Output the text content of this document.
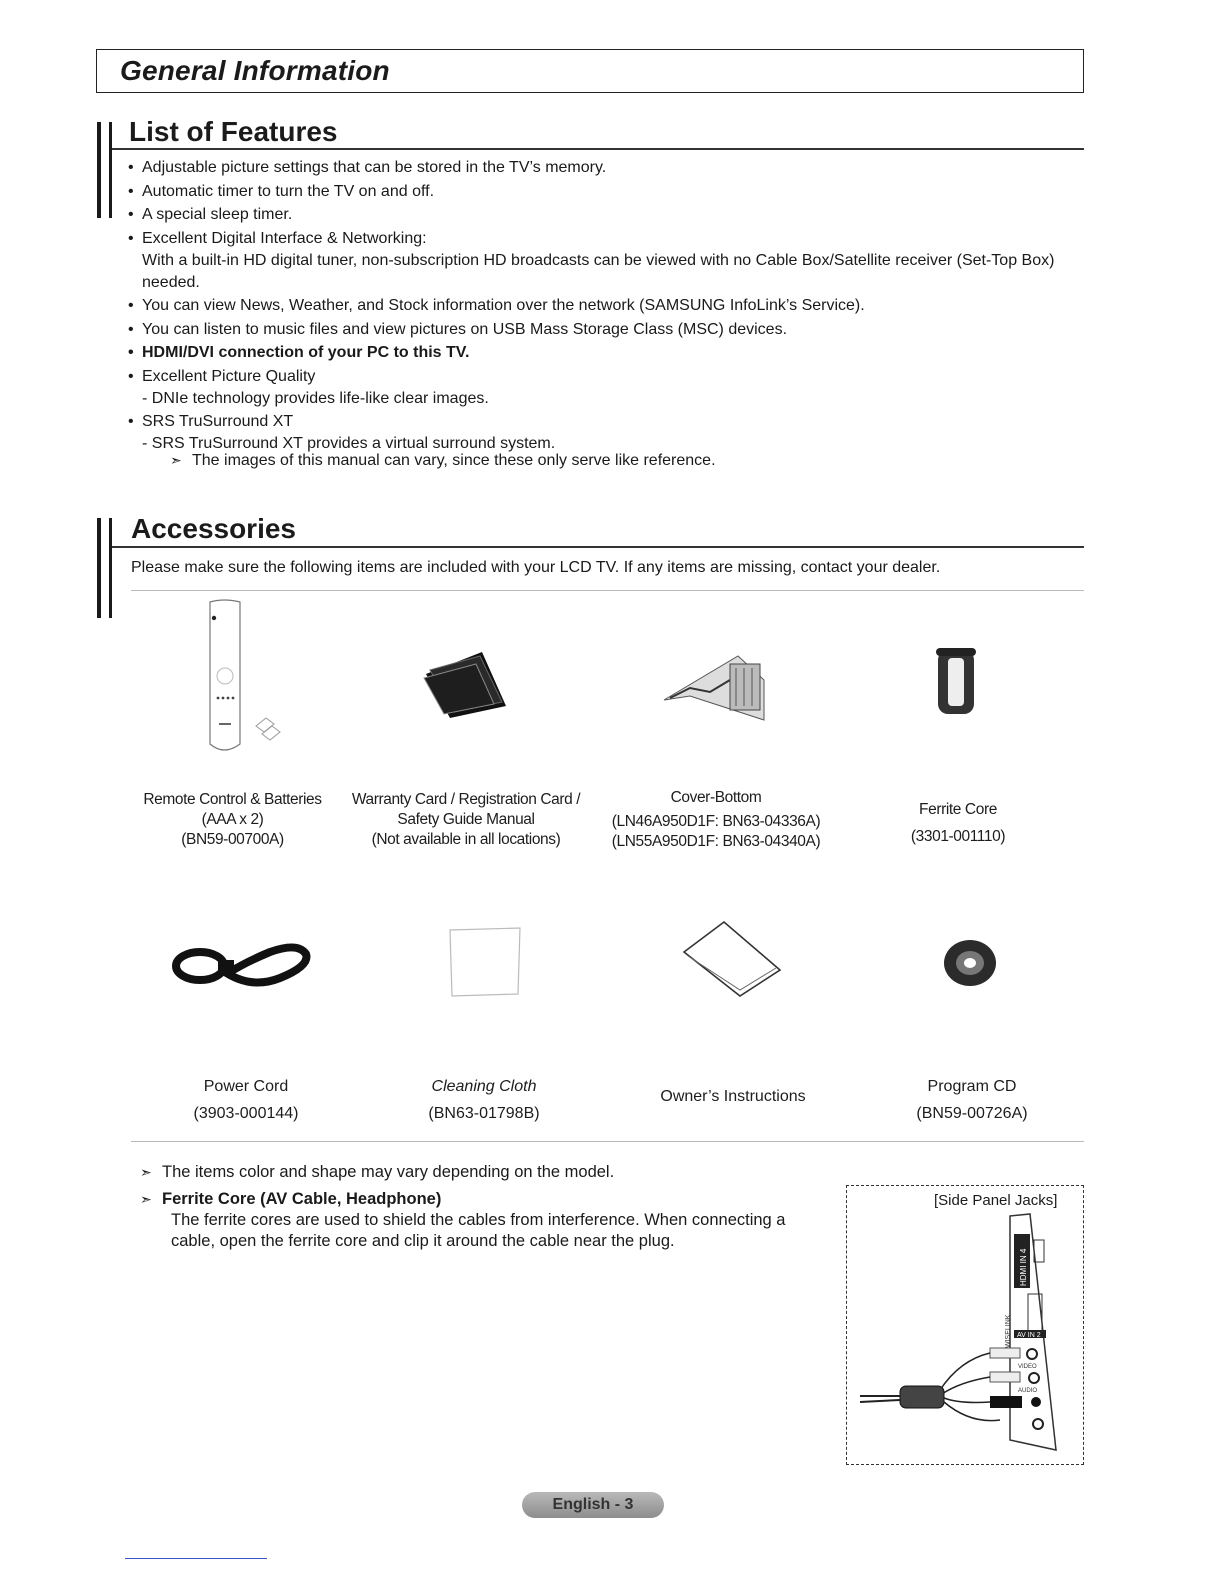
General Information
List of Features
• Adjustable picture settings that can be stored in the TV’s memory.
• Automatic timer to turn the TV on and off.
• A special sleep timer.
• Excellent Digital Interface & Networking:
With a built-in HD digital tuner, non-subscription HD broadcasts can be viewed with no Cable Box/Satellite receiver (Set-Top Box) needed.
• You can view News, Weather, and Stock information over the network (SAMSUNG InfoLink’s Service).
• You can listen to music files and view pictures on USB Mass Storage Class (MSC) devices.
• HDMI/DVI connection of your PC to this TV.
• Excellent Picture Quality
- DNIe technology provides life-like clear images.
• SRS TruSurround XT
- SRS TruSurround XT provides a virtual surround system.
➣ The images of this manual can vary, since these only serve like reference.
Accessories
Please make sure the following items are included with your LCD TV. If any items are missing, contact your dealer.
Remote Control & Batteries
(AAA x 2)
(BN59-00700A)
Warranty Card / Registration Card /
Safety Guide Manual
(Not available in all locations)
Cover-Bottom
(LN46A950D1F: BN63-04336A)
(LN55A950D1F: BN63-04340A)
Ferrite Core
(3301-001110)
Power Cord
(3903-000144)
Cleaning Cloth
(BN63-01798B)
Owner’s Instructions
Program CD
(BN59-00726A)

➣ The items color and shape may vary depending on the model.

➣ Ferrite Core (AV Cable, Headphone)
The ferrite cores are used to shield the cables from interference. When connecting a cable, open the ferrite core and clip it around the cable near the plug.

[Side Panel Jacks]
HDMI IN 4
WISELINK AV IN 2
VIDEO
AUDIO
English - 3
